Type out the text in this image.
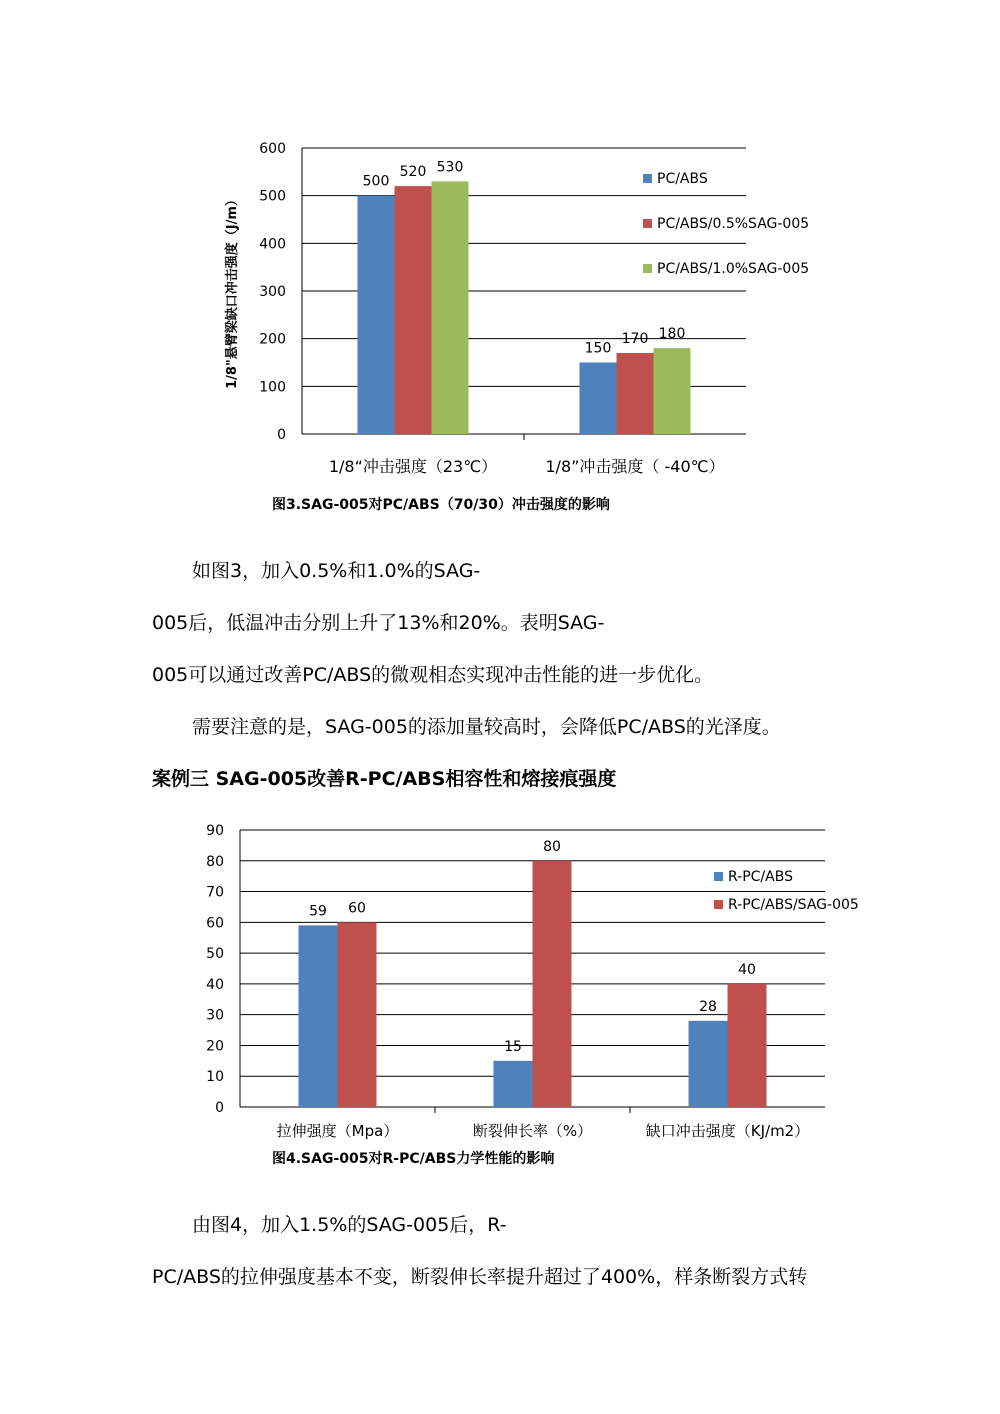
0
100
200
300
400
500
600
1/8“冲击强度（23℃）
500
520 530
1/8”冲击强度（ -40℃）
150
170 180
PC/ABS
PC/ABS/0.5%SAG-005
PC/ABS/1.0%SAG-005
1/8"悬臂梁缺口冲击强度（J/m）
图3.SAG-005对PC/ABS（70/30）冲击强度的影响
如图3，加入0.5%和1.0%的SAG-
005后，低温冲击分别上升了13%和20%。表明SAG-
005可以通过改善PC/ABS的微观相态实现冲击性能的进一步优化。
需要注意的是，SAG-005的添加量较高时，会降低PC/ABS的光泽度。
案例三 SAG-005改善R-PC/ABS相容性和熔接痕强度
0
10
20
30
40
50
60
70
80
90
拉伸强度（Mpa）
59 60
断裂伸长率（%）
15
80
缺口冲击强度（KJ/m2）
28
40
R-PC/ABS
R-PC/ABS/SAG-005
图4.SAG-005对R-PC/ABS力学性能的影响
由图4，加入1.5%的SAG-005后，R-
PC/ABS的拉伸强度基本不变，断裂伸长率提升超过了400%，样条断裂方式转
